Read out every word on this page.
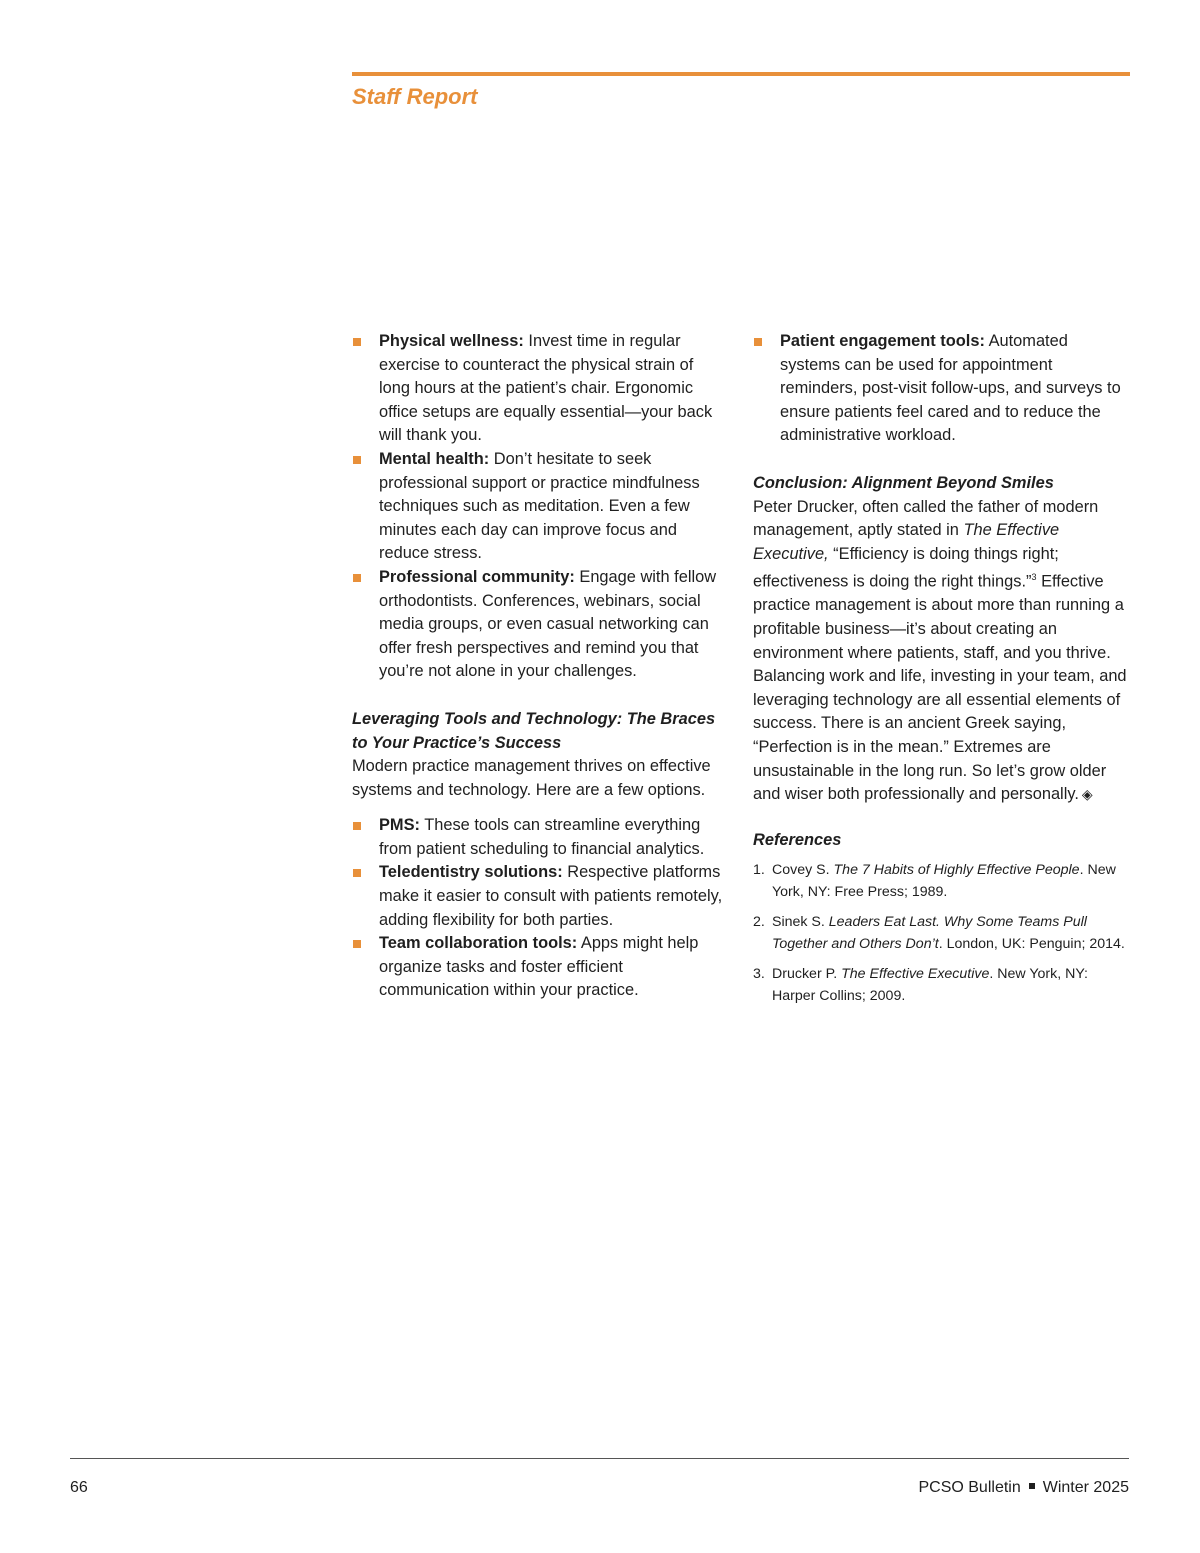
Staff Report
Physical wellness: Invest time in regular exercise to counteract the physical strain of long hours at the patient’s chair. Ergonomic office setups are equally essential—your back will thank you.
Mental health: Don’t hesitate to seek professional support or practice mindfulness techniques such as meditation. Even a few minutes each day can improve focus and reduce stress.
Professional community: Engage with fellow orthodontists. Conferences, webinars, social media groups, or even casual networking can offer fresh perspectives and remind you that you’re not alone in your challenges.
Leveraging Tools and Technology: The Braces to Your Practice’s Success

Modern practice management thrives on effective systems and technology. Here are a few options.

PMS: These tools can streamline everything from patient scheduling to financial analytics.
Teledentistry solutions: Respective platforms make it easier to consult with patients remotely, adding flexibility for both parties.
Team collaboration tools: Apps might help organize tasks and foster efficient communication within your practice.
Patient engagement tools: Automated systems can be used for appointment reminders, post-visit follow-ups, and surveys to ensure patients feel cared and to reduce the administrative workload.
Conclusion: Alignment Beyond Smiles

Peter Drucker, often called the father of modern management, aptly stated in The Effective Executive, “Efficiency is doing things right; effectiveness is doing the right things.”$^3$ Effective practice management is about more than running a profitable business—it’s about creating an environment where patients, staff, and you thrive. Balancing work and life, investing in your team, and leveraging technology are all essential elements of success. There is an ancient Greek saying, “Perfection is in the mean.” Extremes are unsustainable in the long run. So let’s grow older and wiser both professionally and personally. ◈

References
1. Covey S. The 7 Habits of Highly Effective People. New York, NY: Free Press; 1989.
2. Sinek S. Leaders Eat Last. Why Some Teams Pull Together and Others Don’t. London, UK: Penguin; 2014.
3. Drucker P. The Effective Executive. New York, NY: Harper Collins; 2009.
66	PCSO Bulletin Winter 2025
